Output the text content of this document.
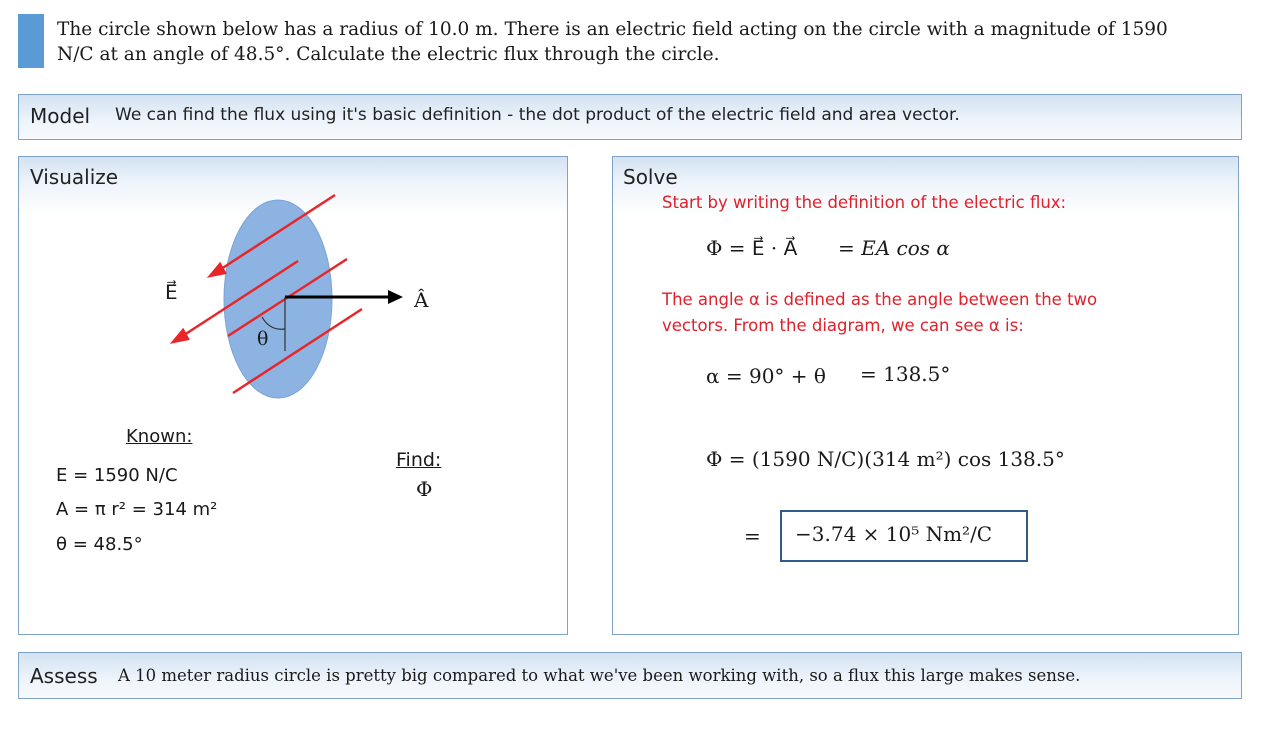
The circle shown below has a radius of 10.0 m. There is an electric field acting on the circle with a magnitude of 1590 N/C at an angle of 48.5°. Calculate the electric flux through the circle.
Model We can find the flux using it's basic definition - the dot product of the electric field and area vector.
Visualize
E⃗	Â
θ
Known:
E = 1590 N/C
A = π r² = 314 m²
θ = 48.5°
Find:
Φ
Solve
Start by writing the definition of the electric flux:
Φ = E⃗ · A⃗ = EA cos α
The angle α is defined as the angle between the two
vectors. From the diagram, we can see α is:
α = 90° + θ = 138.5°
Φ = (1590 N/C)(314 m²) cos 138.5°
= −3.74 × 10⁵ Nm²/C
Assess A 10 meter radius circle is pretty big compared to what we've been working with, so a flux this large makes sense.
